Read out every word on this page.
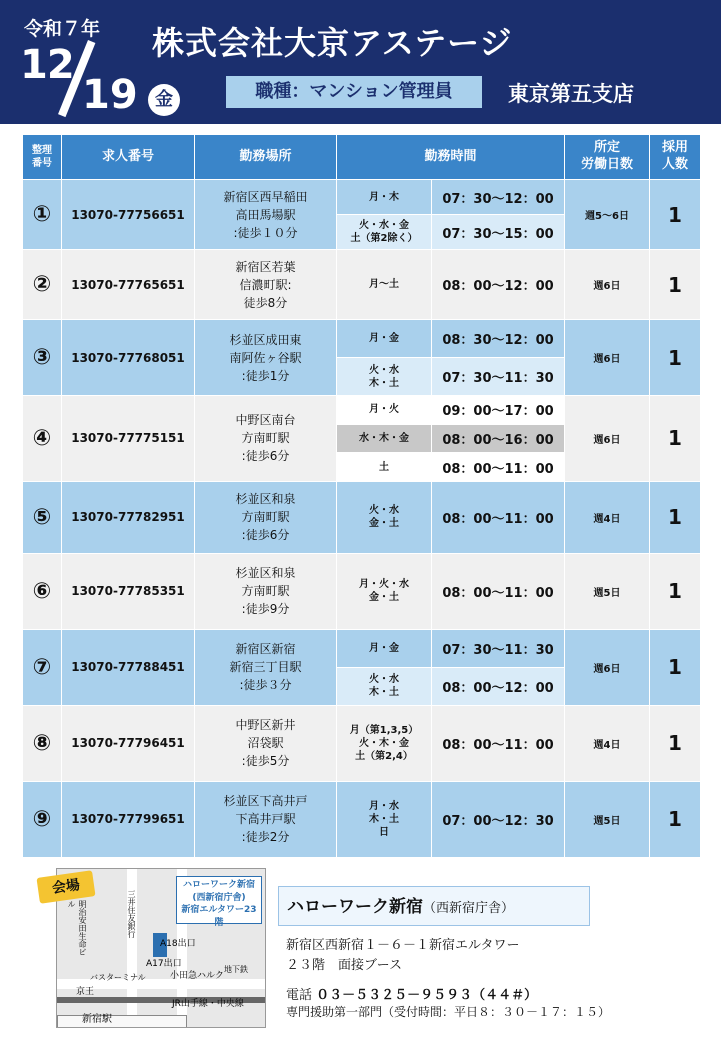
令和７年
12
19 金
株式会社大京アステージ
職種：マンション管理員	東京第五支店
整理
番号	求人番号	勤務場所	勤務時間		所定
労働日数	採用
人数
①	13070-77756651	新宿区西早稲田
高田馬場駅
:徒歩１０分	月・木	07：30〜12：00	週5〜6日	1
			火・水・金
土（第2除く）	07：30〜15：00		
②	13070-77765651	新宿区若葉
信濃町駅:
徒歩8分	月〜土	08：00〜12：00	週6日	1
③	13070-77768051	杉並区成田東
南阿佐ヶ谷駅
:徒歩1分	月・金	08：30〜12：00	週6日	1
			火・水
木・土	07：30〜11：30		
④	13070-77775151	中野区南台
方南町駅
:徒歩6分	月・火	09：00〜17：00	週6日	1
			水・木・金	08：00〜16：00		
			土	08：00〜11：00		
⑤	13070-77782951	杉並区和泉
方南町駅
:徒歩6分	火・水
金・土	08：00〜11：00	週4日	1
⑥	13070-77785351	杉並区和泉
方南町駅
:徒歩9分	月・火・水
金・土	08：00〜11：00	週5日	1
⑦	13070-77788451	新宿区新宿
新宿三丁目駅
:徒歩３分	月・金	07：30〜11：30	週6日	1
			火・水
木・土	08：00〜12：00		
⑧	13070-77796451	中野区新井
沼袋駅
:徒歩5分	月（第1,3,5）
火・木・金
土（第2,4）	08：00〜11：00	週4日	1
⑨	13070-77799651	杉並区下高井戸
下高井戸駅
:徒歩2分	月・水
木・土
日	07：00〜12：30	週5日	1
A18出口
A17出口
小田急ハルク
地下鉄
京王
JR山手線・中央線
新宿駅
三井住友銀行
明治安田生命ビル
バスターミナル
会場	ハローワーク新宿
(西新宿庁舎)
新宿エルタワー23階
ハローワーク新宿（西新宿庁舎）
新宿区西新宿１－６－１新宿エルタワー
２３階　面接ブース
電話 ０３－５３２５－９５９３（４４＃）
専門援助第一部門（受付時間：平日８：３０－１７：１５）
